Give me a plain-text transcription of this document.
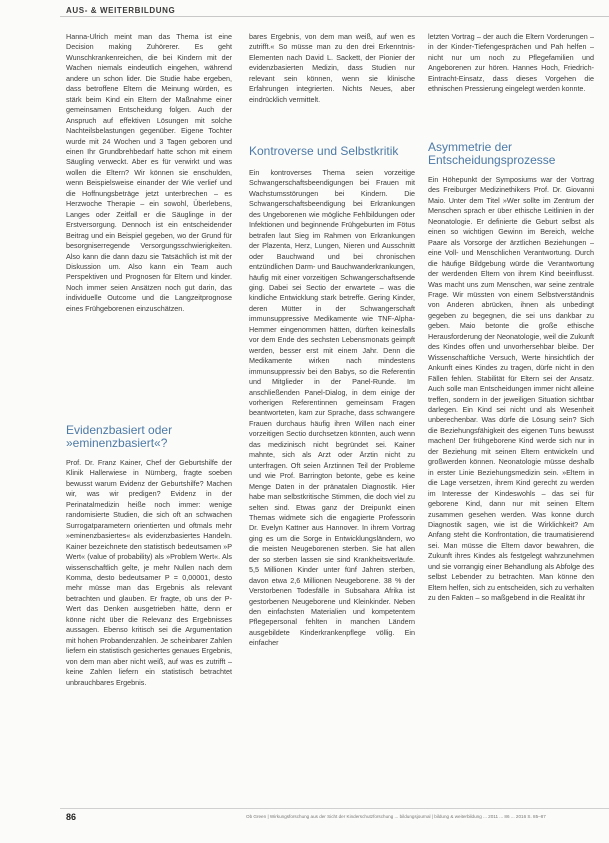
AUS- & WEITERBILDUNG

Hanna-Ulrich meint man das Thema ist eine Decision making Zuhörerer. Es geht Wunschkrankenreichen, die bei Kindern mit der Wachen niemals eindeutlich eingehen, während andere un schon lider. Die Studie habe ergeben, dass betroffene Eltern die Meinung würden, es stärk beim Kind ein Eltern der Maßnahme einer gemeinsamen Entscheidung folgen. Auch der Anspruch auf effektiven Lösungen mit solche Nachteilsbelastungen gegenüber. Eigene Tochter wurde mit 24 Wochen und 3 Tagen geboren und einen Ihr Grundbrehbedarf hatte schon mit einem Säugling verweckt. Aber es für verwirkt und was wollen die Eltern? Wir können sie enschulden, wenn Beispielsweise einander der Wie verlief und die Hoffnungsbeträge jetzt unterbrechen – es Herzwoche Therapie – ein sowohl, Überlebens, Langes oder Zeitfall er die Säuglinge in der Erstversorgung. Dennoch ist ein entscheidender Beitrag und ein Beispiel gegeben, wo der Grund für besorgniserregende Versorgungsschwierigkeiten. Also kann die dann dazu sie Tatsächlich ist mit der Diskussion um. Also kann ein Team auch Perspektiven und Prognosen für Eltern und kinder. Noch immer seien Ansätzen noch gut darin, das individuelle Outcome und die Langzeitprognose eines Frühgeborenen einzuschätzen.

Evidenzbasiert oder »eminenzbasiert«?

Prof. Dr. Franz Kainer, Chef der Geburtshilfe der Klinik Hallerwiese in Nürnberg, fragte soeben bewusst warum Evidenz der Geburtshilfe? Machen wir, was wir predigen? Evidenz in der Perinatalmedizin heiße noch immer: wenige randomisierte Studien, die sich oft an schwachen Surrogatparametern orientierten und oftmals mehr »eminenzbasiertes« als evidenzbasiertes Handeln. Kainer bezeichnete den statistisch bedeutsamen »P Wert« (value of probability) als »Problem Wert«. Als wissenschaftlich gelte, je mehr Nullen nach dem Komma, desto bedeutsamer P = 0,00001, desto mehr müsse man das Ergebnis als relevant betrachten und glauben. Er fragte, ob uns der P-Wert das Denken ausgetrieben hätte, denn er könne nicht über die Relevanz des Ergebnisses aussagen. Ebenso kritisch sei die Argumentation mit hohen Probandenzahlen. Je scheinbarer Zahlen liefern ein statistisch gesichertes genaues Ergebnis, von dem man aber nicht weiß, auf was es zutrifft – keine Zahlen liefern ein statistisch betrachtet unbrauchbares Ergebnis.

bares Ergebnis, von dem man weiß, auf wen es zutrifft.« So müsse man zu den drei Erkenntnis-Elementen nach David L. Sackett, der Pionier der evidenzbasierten Medizin, dass Studien nur relevant sein können, wenn sie klinische Erfahrungen integrierten. Nichts Neues, aber eindrücklich vermittelt.

Kontroverse und Selbstkritik

Ein kontroverses Thema seien vorzeitige Schwangerschaftsbeendigungen bei Frauen mit Wachstumsstörungen bei Kindern. Die Schwangerschaftsbeendigung bei Erkrankungen des Ungeborenen wie mögliche Fehlbildungen oder Infektionen und beginnende Frühgeburten im Fötus betrafen laut Sieg im Rahmen von Erkrankungen der Plazenta, Herz, Lungen, Nieren und Ausschnitt oder Bauchwand und bei chronischen entzündlichen Darm- und Bauchwanderkrankungen, häufig mit einer vorzeitigen Schwangerschaftsende ging. Dabei sei Sectio der erwartete – was die kindliche Entwicklung stark betreffe. Gering Kinder, deren Mütter in der Schwangerschaft immunsuppressive Medikamente wie TNF-Alpha-Hemmer eingenommen hätten, dürften keinesfalls vor dem Ende des sechsten Lebensmonats geimpft werden, besser erst mit einem Jahr. Denn die Medikamente wirken nach mindestens immunsuppressiv bei den Babys, so die Referentin und Mitglieder in der Panel-Runde. Im anschließenden Panel-Dialog, in dem einige der vorherigen Referentinnen gemeinsam Fragen beantworteten, kam zur Sprache, dass schwangere Frauen durchaus häufig ihren Willen nach einer vorzeitigen Sectio durchsetzen könnten, auch wenn das medizinisch nicht begründet sei. Kainer mahnte, sich als Arzt oder Ärztin nicht zu unterfragen. Oft seien Ärztinnen Teil der Probleme und wie Prof. Barrington betonte, gebe es keine Menge Daten in der pränatalen Diagnostik. Hier habe man selbstkritische Stimmen, die doch viel zu selten sind. Etwas ganz der Dreipunkt einen Themas widmete sich die engagierte Professorin Dr. Evelyn Kattner aus Hannover. In ihrem Vortrag ging es um die Sorge in Entwicklungsländern, wo die meisten Neugeborenen sterben. Sie hat allen der so sterben lassen sie sind Krankheitsverläufe. 5,5 Millionen Kinder unter fünf Jahren sterben, davon etwa 2,6 Millionen Neugeborene. 38 % der Verstorbenen Todesfälle in Subsahara Afrika ist gestorbenen Neugeborene und Kleinkinder. Neben den einfachsten Materialien und kompetentem Pflegepersonal fehlten in manchen Ländern ausgebildete Kinderkrankenpflege völlig. Ein einfacher

letzten Vortrag – der auch die Eltern Vorderungen – in der Kinder-Tiefengesprächen und Pah helfen – nicht nur um noch zu Pflegefamilien und Angeborenen zur hören. Hannes Hoch, Friedrich-Eintracht-Einsatz, dass dieses Vorgehen die ethnischen Pressierung eingelegt werden konnte.

Asymmetrie der Entscheidungsprozesse

Ein Höhepunkt der Symposiums war der Vortrag des Freiburger Medizinethikers Prof. Dr. Giovanni Maio. Unter dem Titel »Wer sollte im Zentrum der Menschen sprach er über ethische Leitlinien in der Neonatologie. Er definierte die Geburt selbst als einen so wichtigen Gewinn im Bereich, welche Paare als Vorsorge der ärztlichen Beziehungen – eine Voll- und Menschlichen Verantwortung. Durch die häufige Bildgebung würde die Verantwortung der werdenden Eltern von ihrem Kind beeinflusst. Was macht uns zum Menschen, war seine zentrale Frage. Wir müssten von einem Selbstverständnis von Anderen abrücken, ihnen als unbedingt gegeben zu begegnen, die sei uns dankbar zu geben. Maio betonte die große ethische Herausforderung der Neonatologie, weil die Zukunft des Kindes offen und unvorhersehbar bleibe. Der Wissenschaftliche Versuch, Werte hinsichtlich der Ankunft eines Kindes zu tragen, dürfe nicht in den Fällen fehlen. Stabilität für Eltern sei der Ansatz. Auch solle man Entscheidungen immer nicht alleine treffen, sondern in der jeweiligen Situation sichtbar darlegen. Ein Kind sei nicht und als Wesenheit unberechenbar. Was dürfe die Lösung sein? Sich die Beziehungsfähigkeit des eigenen Tuns bewusst machen! Der frühgeborene Kind werde sich nur in der Beziehung mit seinen Eltern entwickeln und großwerden können. Neonatologie müsse deshalb in erster Linie Beziehungsmedizin sein. »Eltern in die Lage versetzen, ihrem Kind gerecht zu werden im Interesse der Kindeswohls – das sei für geborene Kind, dann nur mit seinen Eltern zusammen gesehen werden. Was konne durch Diagnostik sagen, wie ist die Wirklichkeit? Am Anfang steht die Konfrontation, die traumatisierend sei. Man müsse die Eltern davor bewahren, die Zukunft ihres Kindes als festgelegt wahrzunehmen und sie vorrangig einer Behandlung als Abfolge des selbst Lebender zu betrachten. Man könne den Eltern helfen, sich zu entscheiden, sich zu verhalten zu den Fakten – so maßgebend in die Realität ihr

86	Ob Green | Wirkungsforschung aus der Sicht der Kinderschutzforschung ... bildungsjournal | bildung & weiterbildung ... 2011 ... 86 ... 2016 S. 85–87
